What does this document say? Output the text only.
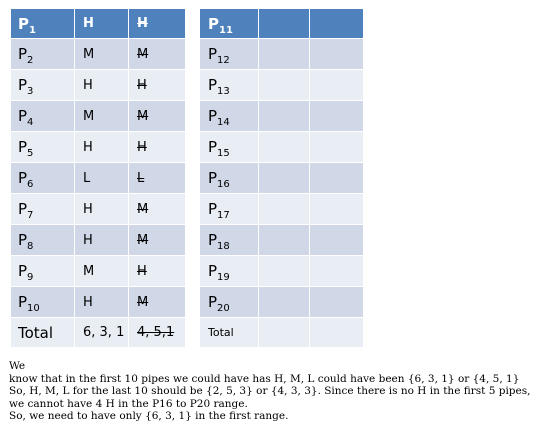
$P_1$	H	H
$P_2$	M	M
$P_3$	H	H
$P_4$	M	M
$P_5$	H	H
$P_6$	L	L
$P_7$	H	M
$P_8$	H	M
$P_9$	M	H
$P_{10}$	H	M
Total	6, 3, 1	4, 5,1
$P_{11}$		
$P_{12}$		
$P_{13}$		
$P_{14}$		
$P_{15}$		
$P_{16}$		
$P_{17}$		
$P_{18}$		
$P_{19}$		
$P_{20}$		
Total		
We
know that in the first 10 pipes we could have has H, M, L could have been {6, 3, 1} or {4, 5, 1}
So, H, M, L for the last 10 should be {2, 5, 3} or {4, 3, 3}. Since there is no H in the first 5 pipes,
we cannot have 4 H in the P16 to P20 range.
So, we need to have only {6, 3, 1} in the first range.
